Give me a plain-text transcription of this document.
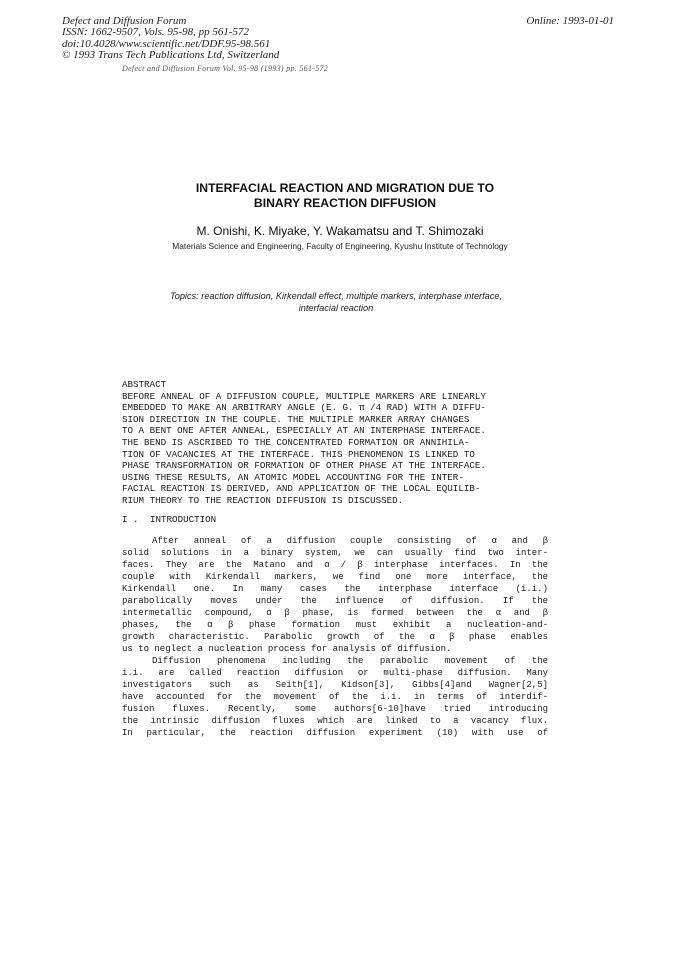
Defect and Diffusion Forum
ISSN: 1662-9507, Vols. 95-98, pp 561-572
doi:10.4028/www.scientific.net/DDF.95-98.561
© 1993 Trans Tech Publications Ltd, Switzerland
Online: 1993-01-01
Defect and Diffusion Forum Vol. 95-98 (1993) pp. 561-572
INTERFACIAL REACTION AND MIGRATION DUE TO
BINARY REACTION DIFFUSION
M. Onishi, K. Miyake, Y. Wakamatsu and T. Shimozaki
Materials Science and Engineering, Faculty of Engineering, Kyushu Institute of Technology
Topics: reaction diffusion, Kirkendall effect, multiple markers, interphase interface,
interfacial reaction
ABSTRACT
BEFORE ANNEAL OF A DIFFUSION COUPLE, MULTIPLE MARKERS ARE LINEARLY
EMBEDDED TO MAKE AN ARBITRARY ANGLE (E. G. π /4 RAD) WITH A DIFFU-
SION DIRECTION IN THE COUPLE. THE MULTIPLE MARKER ARRAY CHANGES
TO A BENT ONE AFTER ANNEAL, ESPECIALLY AT AN INTERPHASE INTERFACE.
THE BEND IS ASCRIBED TO THE CONCENTRATED FORMATION OR ANNIHILA-
TION OF VACANCIES AT THE INTERFACE. THIS PHENOMENON IS LINKED TO
PHASE TRANSFORMATION OR FORMATION OF OTHER PHASE AT THE INTERFACE.
USING THESE RESULTS, AN ATOMIC MODEL ACCOUNTING FOR THE INTER-
FACIAL REACTION IS DERIVED, AND APPLICATION OF THE LOCAL EQUILIB-
RIUM THEORY TO THE REACTION DIFFUSION IS DISCUSSED.
I . INTRODUCTION
After anneal of a diffusion couple consisting of α and β
solid solutions in a binary system, we can usually find two inter-
faces. They are the Matano and α / β interphase interfaces. In the
couple with Kirkendall markers, we find one more interface, the
Kirkendall one. In many cases the interphase interface (i.i.)
parabolically moves under the influence of diffusion. If the
intermetallic compound, α β phase, is formed between the α and β
phases, the α β phase formation must exhibit a nucleation-and-
growth characteristic. Parabolic growth of the α β phase enables
us to neglect a nucleation process for analysis of diffusion.
Diffusion phenomena including the parabolic movement of the
i.i. are called reaction diffusion or multi-phase diffusion. Many
investigators such as Seith[1], Kidson[3], Gibbs[4]and Wagner[2,5]
have accounted for the movement of the i.i. in terms of interdif-
fusion fluxes. Recently, some authors[6-10]have tried introducing
the intrinsic diffusion fluxes which are linked to a vacancy flux.
In particular, the reaction diffusion experiment (10) with use of
